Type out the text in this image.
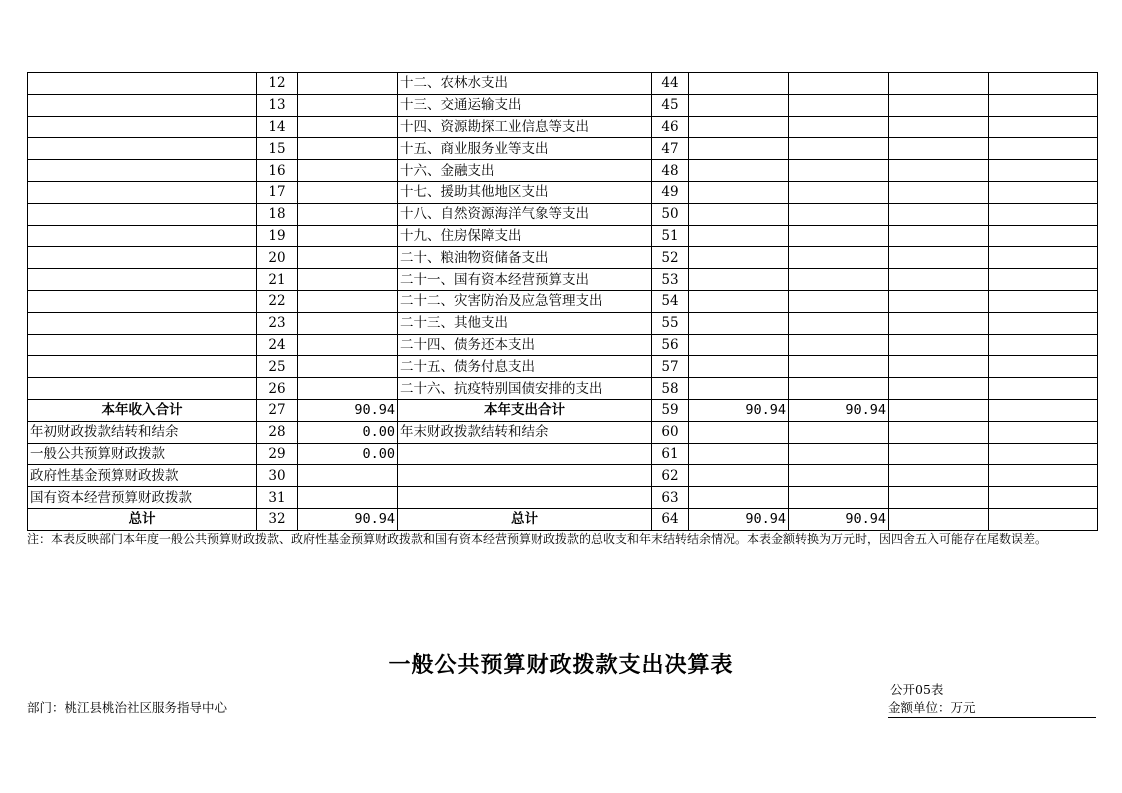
	12		十二、农林水支出	44				
	13		十三、交通运输支出	45				
	14		十四、资源勘探工业信息等支出	46				
	15		十五、商业服务业等支出	47				
	16		十六、金融支出	48				
	17		十七、援助其他地区支出	49				
	18		十八、自然资源海洋气象等支出	50				
	19		十九、住房保障支出	51				
	20		二十、粮油物资储备支出	52				
	21		二十一、国有资本经营预算支出	53				
	22		二十二、灾害防治及应急管理支出	54				
	23		二十三、其他支出	55				
	24		二十四、债务还本支出	56				
	25		二十五、债务付息支出	57				
	26		二十六、抗疫特别国债安排的支出	58				
本年收入合计	27	90.94	本年支出合计	59	90.94	90.94		
年初财政拨款结转和结余	28	0.00	年末财政拨款结转和结余	60				
一般公共预算财政拨款	29	0.00		61				
政府性基金预算财政拨款	30			62				
国有资本经营预算财政拨款	31			63				
总计	32	90.94	总计	64	90.94	90.94		
注：本表反映部门本年度一般公共预算财政拨款、政府性基金预算财政拨款和国有资本经营预算财政拨款的总收支和年末结转结余情况。本表金额转换为万元时，因四舍五入可能存在尾数误差。
一般公共预算财政拨款支出决算表
公开05表
部门：桃江县桃治社区服务指导中心	金额单位：万元
